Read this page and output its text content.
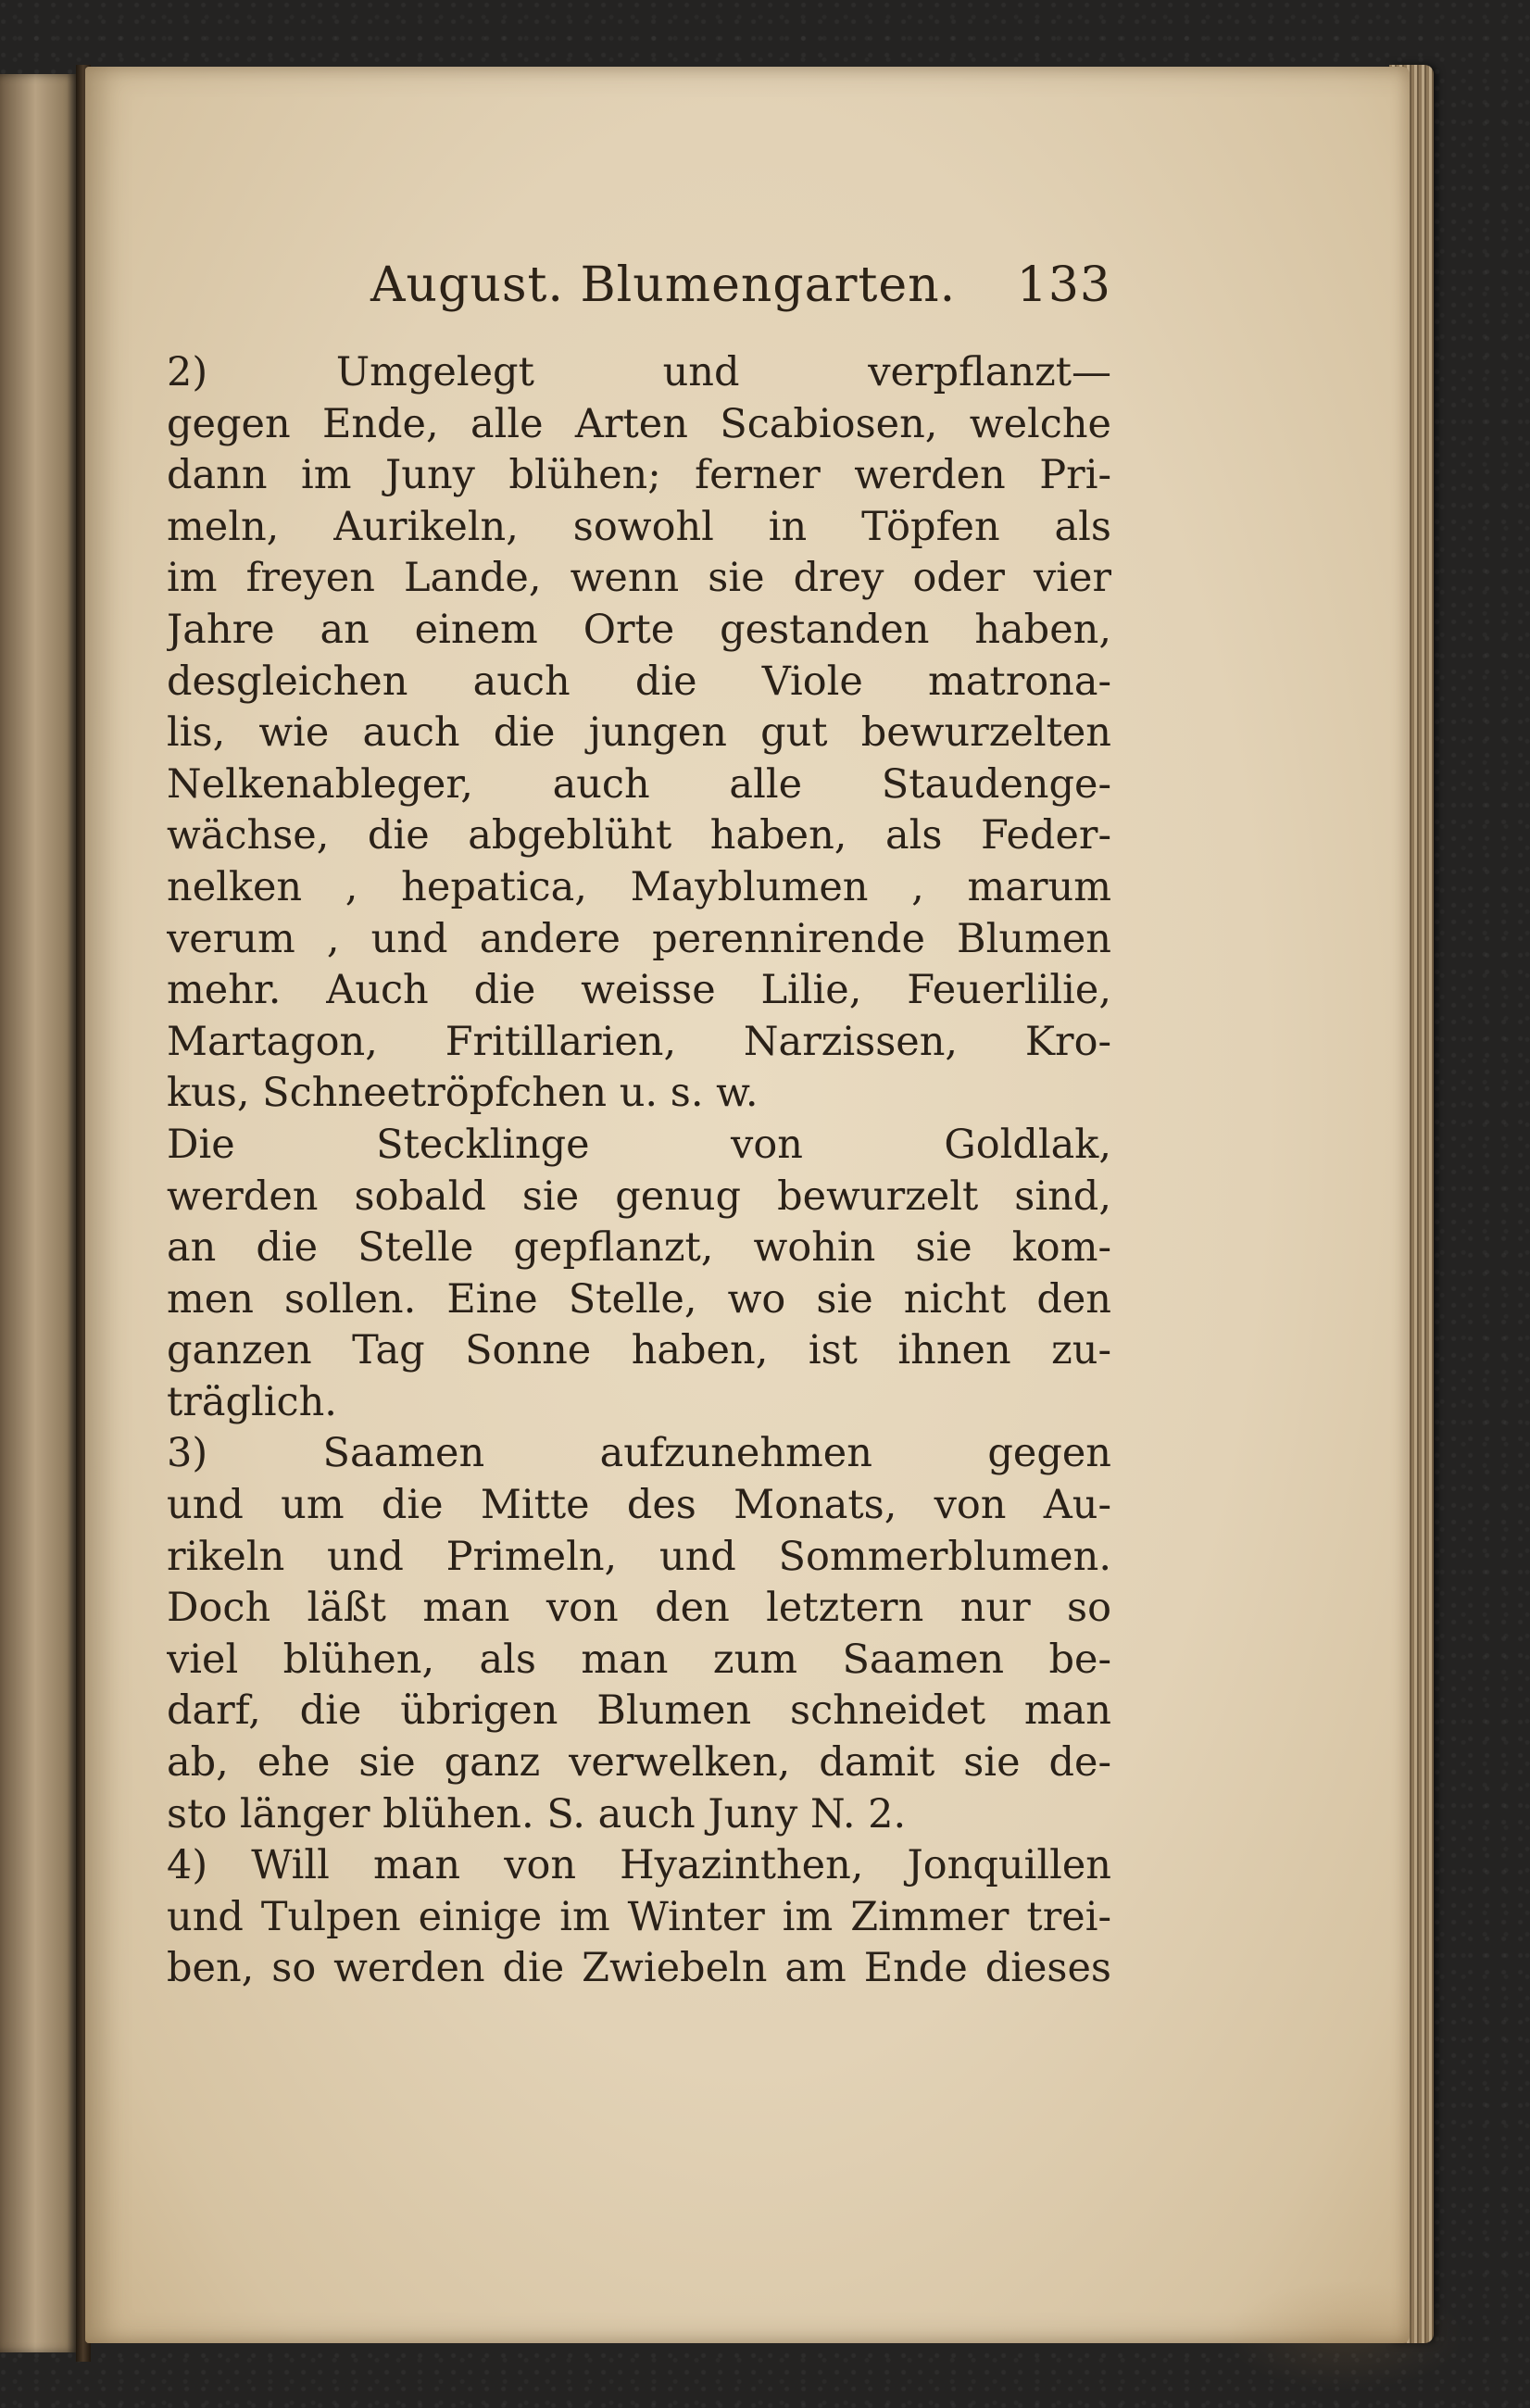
August. Blumengarten. 133
2) Umgelegt und verpflanzt—
gegen Ende, alle Arten Scabiosen, welche
dann im Juny blühen; ferner werden Pri-
meln, Aurikeln, sowohl in Töpfen als
im freyen Lande, wenn sie drey oder vier
Jahre an einem Orte gestanden haben,
desgleichen auch die Viole matrona-
lis, wie auch die jungen gut bewurzelten
Nelkenableger, auch alle Staudenge-
wächse, die abgeblüht haben, als Feder-
nelken , hepatica, Mayblumen , marum
verum , und andere perennirende Blumen
mehr. Auch die weisse Lilie, Feuerlilie,
Martagon, Fritillarien, Narzissen, Kro-
kus, Schneetröpfchen u. s. w.
Die Stecklinge von Goldlak,
werden sobald sie genug bewurzelt sind,
an die Stelle gepflanzt, wohin sie kom-
men sollen. Eine Stelle, wo sie nicht den
ganzen Tag Sonne haben, ist ihnen zu-
träglich.
3) Saamen aufzunehmen gegen
und um die Mitte des Monats, von Au-
rikeln und Primeln, und Sommerblumen.
Doch läßt man von den letztern nur so
viel blühen, als man zum Saamen be-
darf, die übrigen Blumen schneidet man
ab, ehe sie ganz verwelken, damit sie de-
sto länger blühen. S. auch Juny N. 2.
4) Will man von Hyazinthen, Jonquillen
und Tulpen einige im Winter im Zimmer trei-
ben, so werden die Zwiebeln am Ende dieses
